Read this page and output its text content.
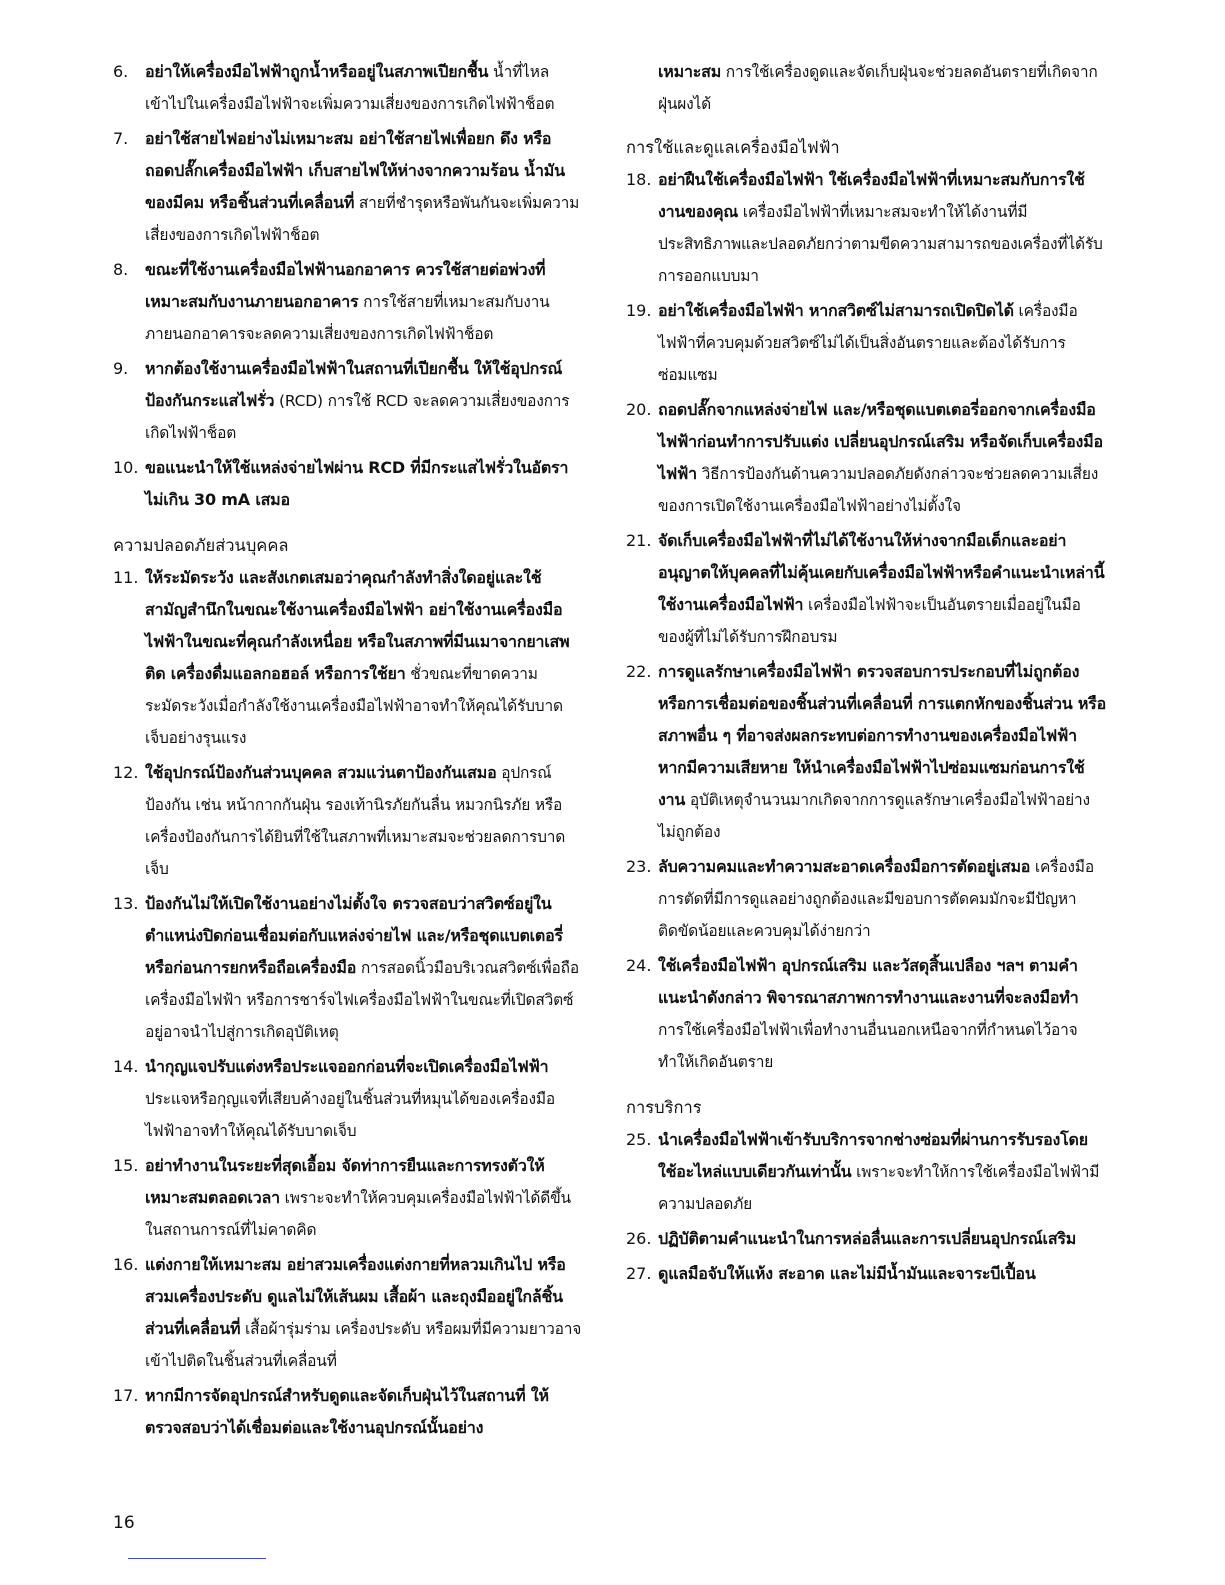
6. อย่าให้เครื่องมือไฟฟ้าถูกน้ำหรืออยู่ในสภาพเปียกชื้น น้ำที่ไหลเข้าไปในเครื่องมือไฟฟ้าจะเพิ่มความเสี่ยงของการเกิดไฟฟ้าช็อต
7. อย่าใช้สายไฟอย่างไม่เหมาะสม อย่าใช้สายไฟเพื่อยก ดึง หรือ ถอดปลั๊กเครื่องมือไฟฟ้า เก็บสายไฟให้ห่างจากความร้อน น้ำมัน ของมีคม หรือชิ้นส่วนที่เคลื่อนที่ สายที่ชำรุดหรือพันกันจะเพิ่มความเสี่ยงของการเกิดไฟฟ้าช็อต
8. ขณะที่ใช้งานเครื่องมือไฟฟ้านอกอาคาร ควรใช้สายต่อพ่วงที่เหมาะสมกับงานภายนอกอาคาร การใช้สายที่เหมาะสมกับงานภายนอกอาคารจะลดความเสี่ยงของการเกิดไฟฟ้าช็อต
9. หากต้องใช้งานเครื่องมือไฟฟ้าในสถานที่เปียกชื้น ให้ใช้อุปกรณ์ป้องกันกระแสไฟรั่ว (RCD) การใช้ RCD จะลดความเสี่ยงของการเกิดไฟฟ้าช็อต
10. ขอแนะนำให้ใช้แหล่งจ่ายไฟผ่าน RCD ที่มีกระแสไฟรั่วในอัตราไม่เกิน 30 mA เสมอ
ความปลอดภัยส่วนบุคคล
11. ให้ระมัดระวัง และสังเกตเสมอว่าคุณกำลังทำสิ่งใดอยู่และใช้สามัญสำนึกในขณะใช้งานเครื่องมือไฟฟ้า อย่าใช้งานเครื่องมือไฟฟ้าในขณะที่คุณกำลังเหนื่อย หรือในสภาพที่มีนเมาจากยาเสพติด เครื่องดื่มแอลกอฮอล์ หรือการใช้ยา ชั่วขณะที่ขาดความระมัดระวังเมื่อกำลังใช้งานเครื่องมือไฟฟ้าอาจทำให้คุณได้รับบาดเจ็บอย่างรุนแรง
12. ใช้อุปกรณ์ป้องกันส่วนบุคคล สวมแว่นตาป้องกันเสมอ อุปกรณ์ป้องกัน เช่น หน้ากากกันฝุ่น รองเท้านิรภัยกันลื่น หมวกนิรภัย หรือเครื่องป้องกันการได้ยินที่ใช้ในสภาพที่เหมาะสมจะช่วยลดการบาดเจ็บ
13. ป้องกันไม่ให้เปิดใช้งานอย่างไม่ตั้งใจ ตรวจสอบว่าสวิตซ์อยู่ในตำแหน่งปิดก่อนเชื่อมต่อกับแหล่งจ่ายไฟ และ/หรือชุดแบตเตอรี่ หรือก่อนการยกหรือถือเครื่องมือ การสอดนิ้วมือบริเวณสวิตซ์เพื่อถือเครื่องมือไฟฟ้า หรือการชาร์จไฟเครื่องมือไฟฟ้าในขณะที่เปิดสวิตซ์อยู่อาจนำไปสู่การเกิดอุบัติเหตุ
14. นำกุญแจปรับแต่งหรือประแจออกก่อนที่จะเปิดเครื่องมือไฟฟ้า ประแจหรือกุญแจที่เสียบค้างอยู่ในชิ้นส่วนที่หมุนได้ของเครื่องมือไฟฟ้าอาจทำให้คุณได้รับบาดเจ็บ
15. อย่าทำงานในระยะที่สุดเอื้อม จัดท่าการยืนและการทรงตัวให้เหมาะสมตลอดเวลา เพราะจะทำให้ควบคุมเครื่องมือไฟฟ้าได้ดีขึ้นในสถานการณ์ที่ไม่คาดคิด
16. แต่งกายให้เหมาะสม อย่าสวมเครื่องแต่งกายที่หลวมเกินไป หรือสวมเครื่องประดับ ดูแลไม่ให้เส้นผม เสื้อผ้า และถุงมืออยู่ใกล้ชิ้นส่วนที่เคลื่อนที่ เสื้อผ้ารุ่มร่าม เครื่องประดับ หรือผมที่มีความยาวอาจเข้าไปติดในชิ้นส่วนที่เคลื่อนที่
17. หากมีการจัดอุปกรณ์สำหรับดูดและจัดเก็บฝุ่นไว้ในสถานที่ ให้ตรวจสอบว่าได้เชื่อมต่อและใช้งานอุปกรณ์นั้นอย่าง
เหมาะสม การใช้เครื่องดูดและจัดเก็บฝุ่นจะช่วยลดอันตรายที่เกิดจากฝุ่นผงได้
การใช้และดูแลเครื่องมือไฟฟ้า
18. อย่าฝืนใช้เครื่องมือไฟฟ้า ใช้เครื่องมือไฟฟ้าที่เหมาะสมกับการใช้งานของคุณ เครื่องมือไฟฟ้าที่เหมาะสมจะทำให้ได้งานที่มีประสิทธิภาพและปลอดภัยกว่าตามขีดความสามารถของเครื่องที่ได้รับการออกแบบมา
19. อย่าใช้เครื่องมือไฟฟ้า หากสวิตซ์ไม่สามารถเปิดปิดได้ เครื่องมือไฟฟ้าที่ควบคุมด้วยสวิตซ์ไม่ได้เป็นสิ่งอันตรายและต้องได้รับการซ่อมแซม
20. ถอดปลั๊กจากแหล่งจ่ายไฟ และ/หรือชุดแบตเตอรี่ออกจากเครื่องมือไฟฟ้าก่อนทำการปรับแต่ง เปลี่ยนอุปกรณ์เสริม หรือจัดเก็บเครื่องมือไฟฟ้า วิธีการป้องกันด้านความปลอดภัยดังกล่าวจะช่วยลดความเสี่ยงของการเปิดใช้งานเครื่องมือไฟฟ้าอย่างไม่ตั้งใจ
21. จัดเก็บเครื่องมือไฟฟ้าที่ไม่ได้ใช้งานให้ห่างจากมือเด็กและอย่าอนุญาตให้บุคคลที่ไม่คุ้นเคยกับเครื่องมือไฟฟ้าหรือคำแนะนำเหล่านี้ใช้งานเครื่องมือไฟฟ้า เครื่องมือไฟฟ้าจะเป็นอันตรายเมื่ออยู่ในมือของผู้ที่ไม่ได้รับการฝึกอบรม
22. การดูแลรักษาเครื่องมือไฟฟ้า ตรวจสอบการประกอบที่ไม่ถูกต้องหรือการเชื่อมต่อของชิ้นส่วนที่เคลื่อนที่ การแตกหักของชิ้นส่วน หรือสภาพอื่น ๆ ที่อาจส่งผลกระทบต่อการทำงานของเครื่องมือไฟฟ้า หากมีความเสียหาย ให้นำเครื่องมือไฟฟ้าไปซ่อมแซมก่อนการใช้งาน อุบัติเหตุจำนวนมากเกิดจากการดูแลรักษาเครื่องมือไฟฟ้าอย่างไม่ถูกต้อง
23. ลับความคมและทำความสะอาดเครื่องมือการตัดอยู่เสมอ เครื่องมือการตัดที่มีการดูแลอย่างถูกต้องและมีขอบการตัดคมมักจะมีปัญหาติดขัดน้อยและควบคุมได้ง่ายกว่า
24. ใช้เครื่องมือไฟฟ้า อุปกรณ์เสริม และวัสดุสิ้นเปลือง ฯลฯ ตามคำแนะนำดังกล่าว พิจารณาสภาพการทำงานและงานที่จะลงมือทำ การใช้เครื่องมือไฟฟ้าเพื่อทำงานอื่นนอกเหนือจากที่กำหนดไว้อาจทำให้เกิดอันตราย
การบริการ
25. นำเครื่องมือไฟฟ้าเข้ารับบริการจากช่างซ่อมที่ผ่านการรับรองโดยใช้อะไหล่แบบเดียวกันเท่านั้น เพราะจะทำให้การใช้เครื่องมือไฟฟ้ามีความปลอดภัย
26. ปฏิบัติตามคำแนะนำในการหล่อลื่นและการเปลี่ยนอุปกรณ์เสริม
27. ดูแลมือจับให้แห้ง สะอาด และไม่มีน้ำมันและจาระบีเปื้อน
16
